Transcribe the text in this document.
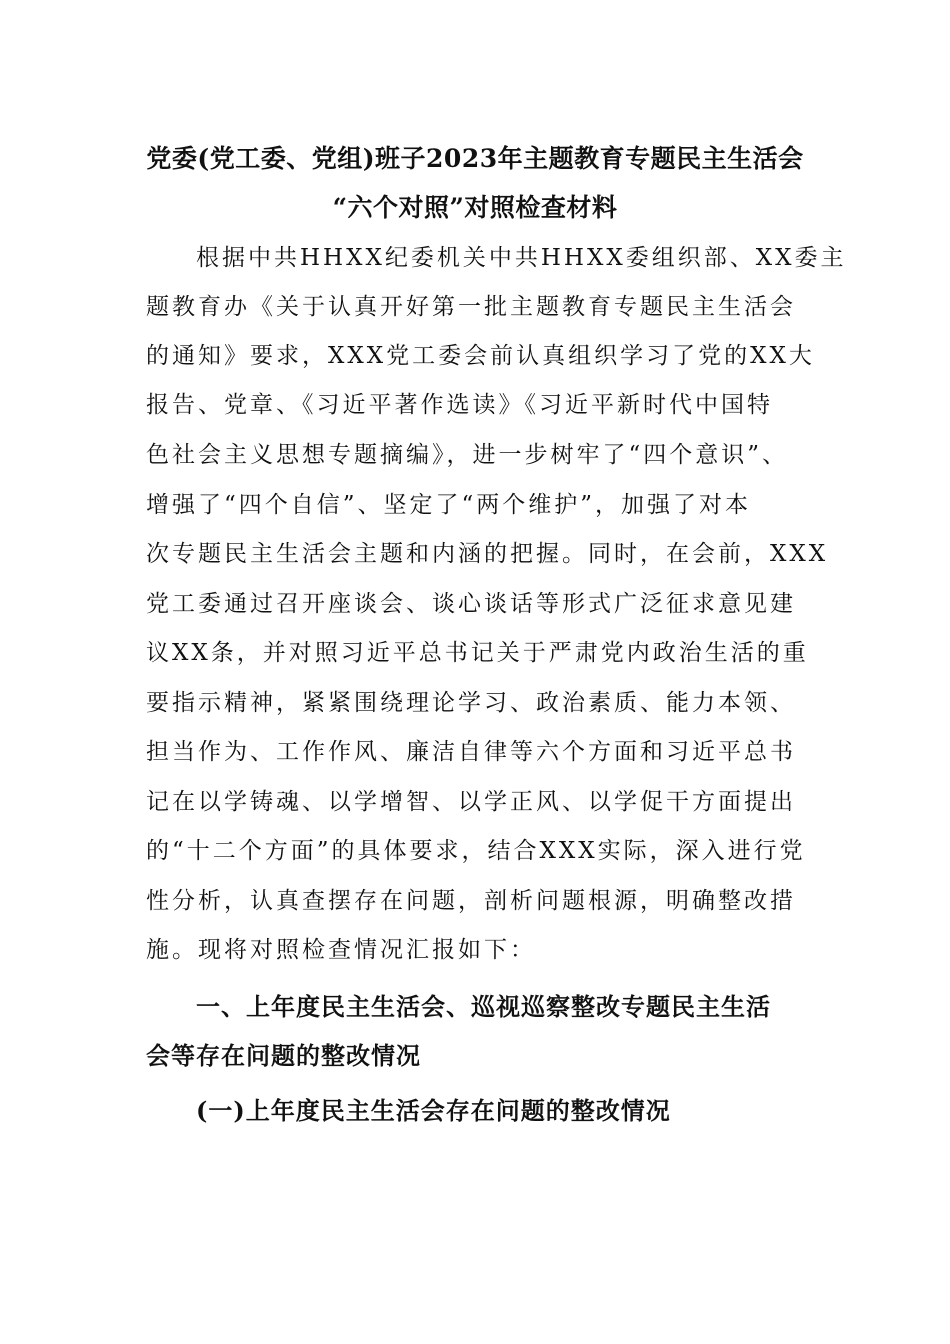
党委(党工委、党组)班子2023年主题教育专题民主生活会
“六个对照”对照检查材料
根据中共HHXX纪委机关中共HHXX委组织部、XX委主
题教育办《关于认真开好第一批主题教育专题民主生活会
的通知》要求，XXX党工委会前认真组织学习了党的XX大
报告、党章、《习近平著作选读》《习近平新时代中国特
色社会主义思想专题摘编》，进一步树牢了“四个意识”、
增强了“四个自信”、坚定了“两个维护”，加强了对本
次专题民主生活会主题和内涵的把握。同时，在会前，XXX
党工委通过召开座谈会、谈心谈话等形式广泛征求意见建
议XX条，并对照习近平总书记关于严肃党内政治生活的重
要指示精神，紧紧围绕理论学习、政治素质、能力本领、
担当作为、工作作风、廉洁自律等六个方面和习近平总书
记在以学铸魂、以学增智、以学正风、以学促干方面提出
的“十二个方面”的具体要求，结合XXX实际，深入进行党
性分析，认真查摆存在问题，剖析问题根源，明确整改措
施。现将对照检查情况汇报如下：
一、上年度民主生活会、巡视巡察整改专题民主生活
会等存在问题的整改情况
(一)上年度民主生活会存在问题的整改情况
